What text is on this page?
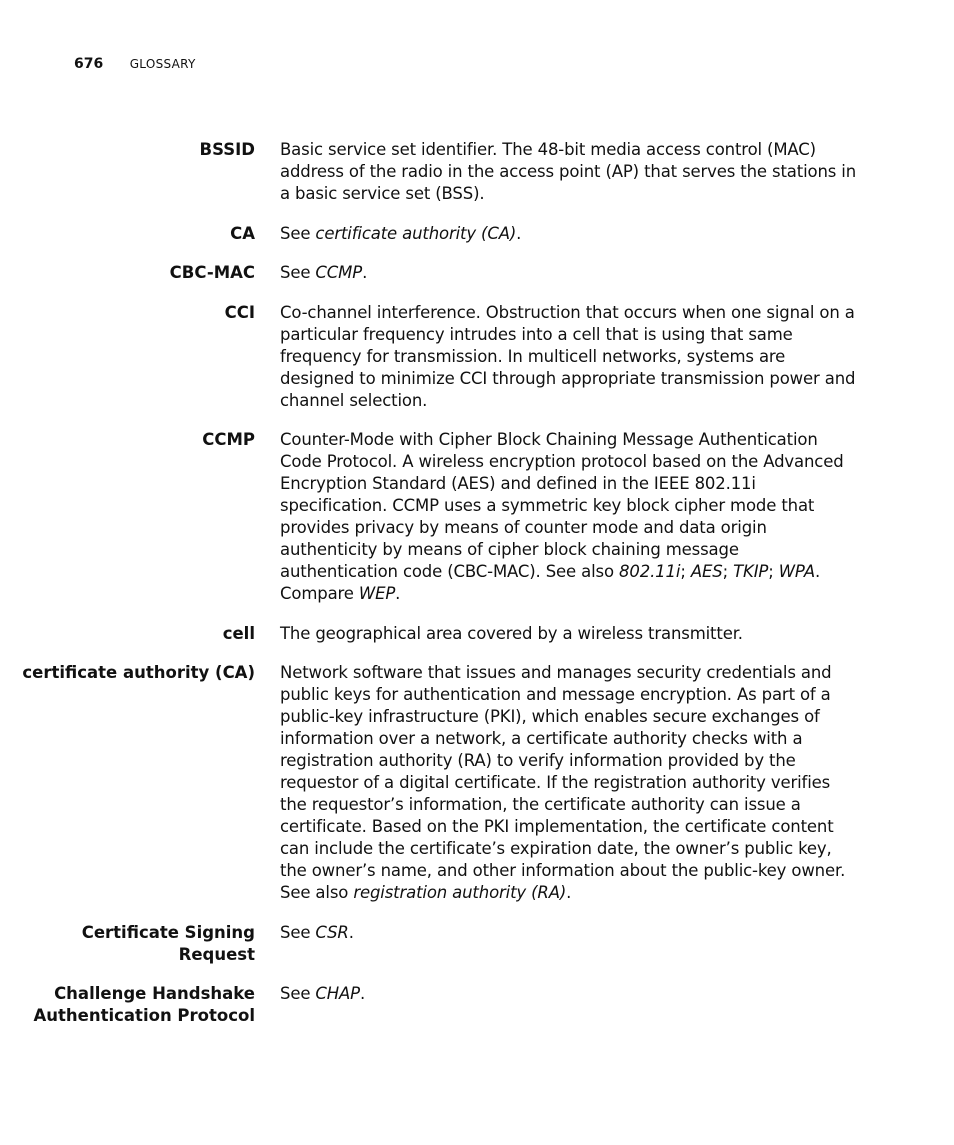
676 GLOSSARY
BSSID Basic service set identifier. The 48-bit media access control (MAC) address of the radio in the access point (AP) that serves the stations in a basic service set (BSS).
CA See certificate authority (CA).
CBC-MAC See CCMP.
CCI Co-channel interference. Obstruction that occurs when one signal on a particular frequency intrudes into a cell that is using that same frequency for transmission. In multicell networks, systems are designed to minimize CCI through appropriate transmission power and channel selection.
CCMP Counter-Mode with Cipher Block Chaining Message Authentication Code Protocol. A wireless encryption protocol based on the Advanced Encryption Standard (AES) and defined in the IEEE 802.11i specification. CCMP uses a symmetric key block cipher mode that provides privacy by means of counter mode and data origin authenticity by means of cipher block chaining message authentication code (CBC-MAC). See also 802.11i; AES; TKIP; WPA. Compare WEP.
cell The geographical area covered by a wireless transmitter.
certificate authority (CA) Network software that issues and manages security credentials and public keys for authentication and message encryption. As part of a public-key infrastructure (PKI), which enables secure exchanges of information over a network, a certificate authority checks with a registration authority (RA) to verify information provided by the requestor of a digital certificate. If the registration authority verifies the requestor’s information, the certificate authority can issue a certificate. Based on the PKI implementation, the certificate content can include the certificate’s expiration date, the owner’s public key, the owner’s name, and other information about the public-key owner. See also registration authority (RA).
Certificate Signing Request
See CSR.
Challenge Handshake Authentication Protocol
See CHAP.
